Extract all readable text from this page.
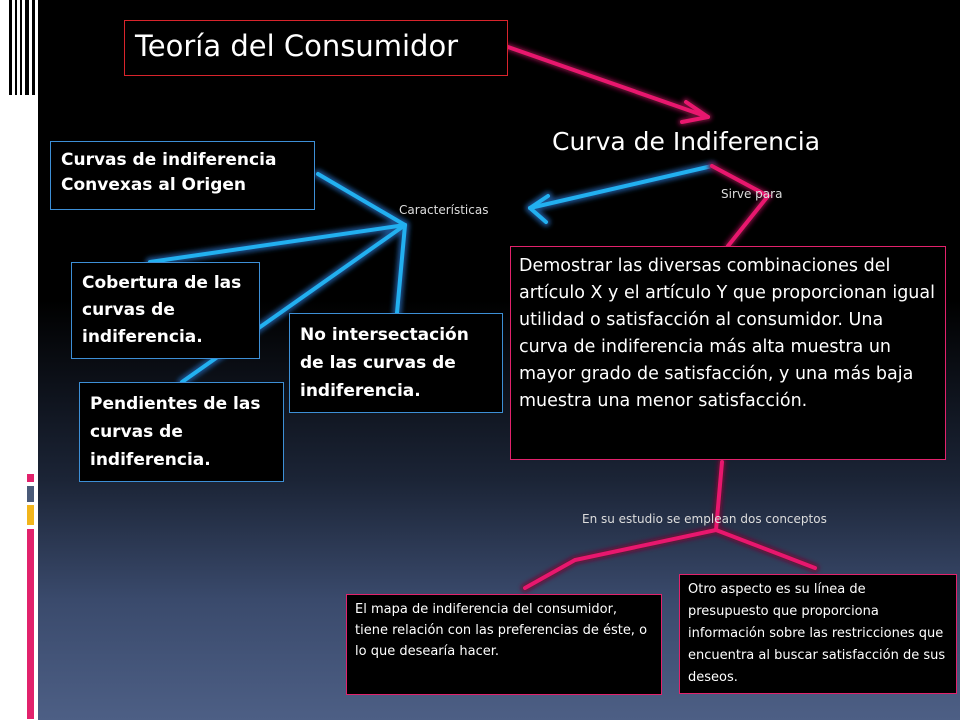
Teoría del Consumidor
Curva de Indiferencia
Características
Sirve para
En su estudio se emplean dos conceptos
Curvas de indiferencia Convexas al Origen
Cobertura de las curvas de indiferencia.
Pendientes de las curvas de indiferencia.
No intersectación de las curvas de indiferencia.
Demostrar las diversas combinaciones del artículo X y el artículo Y que proporcionan igual utilidad o satisfacción al consumidor. Una curva de indiferencia más alta muestra un mayor grado de satisfacción, y una más baja muestra una menor satisfacción.
El mapa de indiferencia del consumidor, tiene relación con las preferencias de éste, o lo que desearía hacer.
Otro aspecto es su línea de presupuesto que proporciona información sobre las restricciones que encuentra al buscar satisfacción de sus deseos.
